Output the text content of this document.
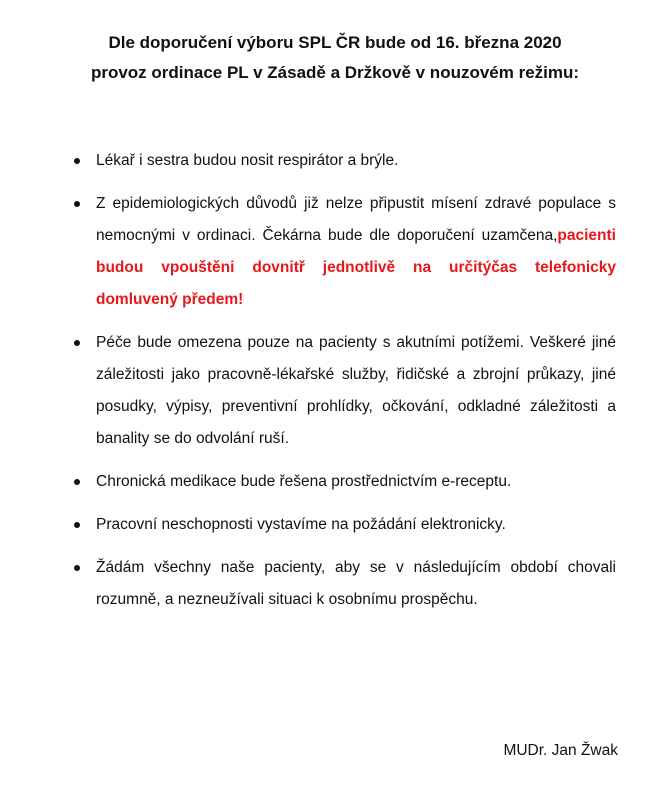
Dle doporučení výboru SPL ČR bude od 16. března 2020
provoz ordinace PL v Zásadě a Držkově v nouzovém režimu:
Lékař i sestra budou nosit respirátor a brýle.
Z epidemiologických důvodů již nelze připustit mísení zdravé populace s nemocnými v ordinaci. Čekárna bude dle doporučení uzamčena,pacienti budou vpouštěni dovnitř jednotlivě na určitýčas telefonicky domluvený předem!
Péče bude omezena pouze na pacienty s akutními potížemi. Veškeré jiné záležitosti jako pracovně-lékařské služby, řidičské a zbrojní průkazy, jiné posudky, výpisy, preventivní prohlídky, očkování, odkladné záležitosti a banality se do odvolání ruší.
Chronická medikace bude řešena prostřednictvím e-receptu.
Pracovní neschopnosti vystavíme na požádání elektronicky.
Žádám všechny naše pacienty, aby se v následujícím období chovali rozumně, a nezneužívali situaci k osobnímu prospěchu.

MUDr. Jan Žwak
